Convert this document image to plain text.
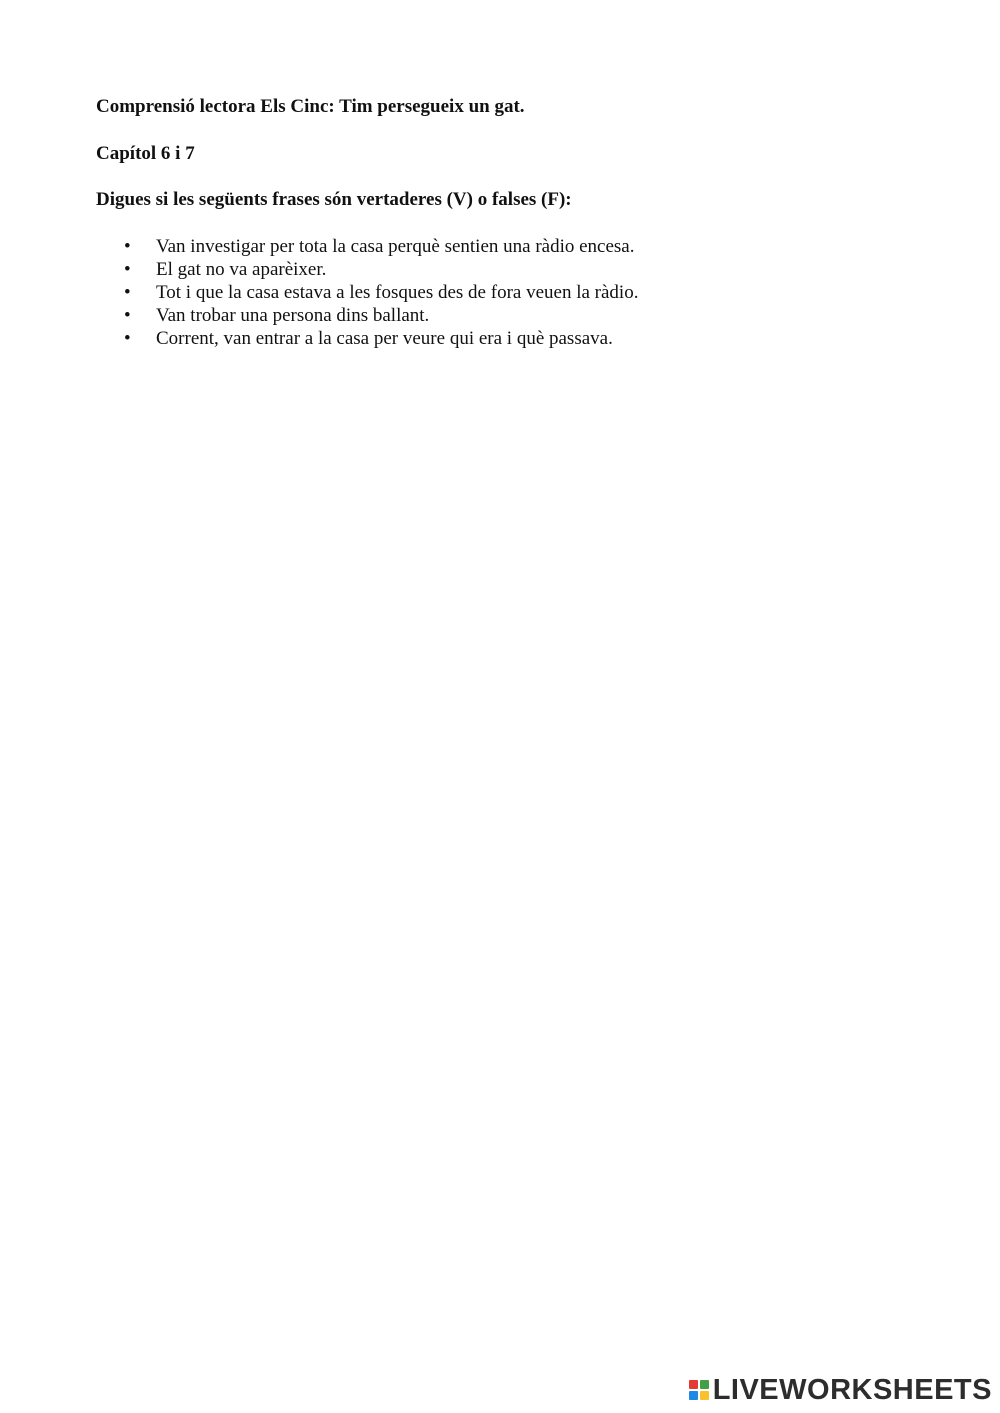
Comprensió lectora Els Cinc: Tim persegueix un gat.

Capítol 6 i 7

Digues si les següents frases són vertaderes (V) o falses (F):

• Van investigar per tota la casa perquè sentien una ràdio encesa.
• El gat no va aparèixer.
• Tot i que la casa estava a les fosques des de fora veuen la ràdio.
• Van trobar una persona dins ballant.
• Corrent, van entrar a la casa per veure qui era i què passava.
LIVEWORKSHEETS
